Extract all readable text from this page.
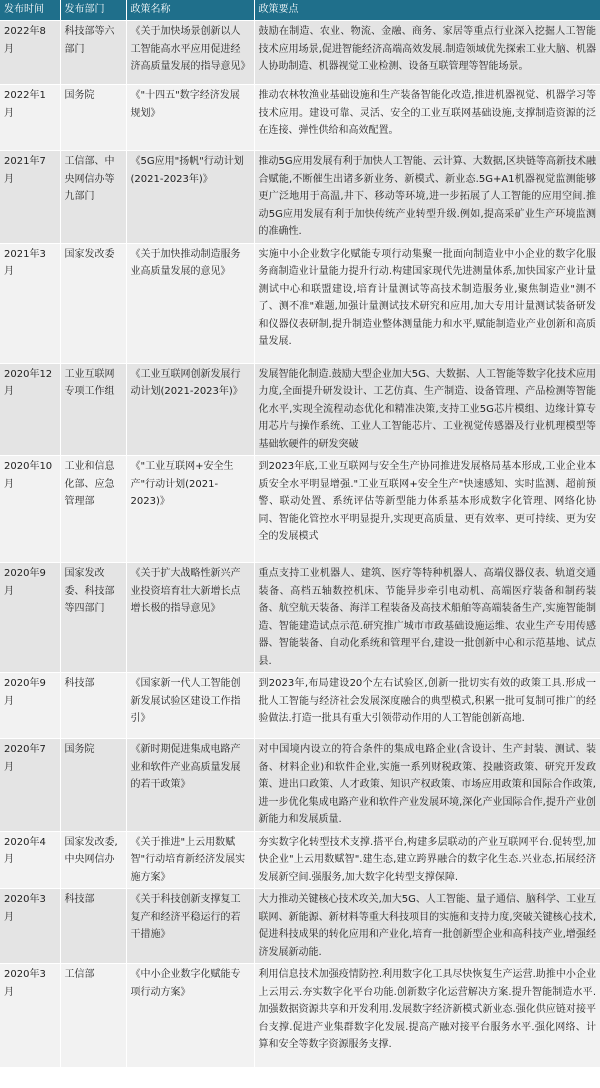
发布时间	发布部门	政策名称	政策要点
2022年8月	科技部等六部门	《关于加快场景创新以人工智能高水平应用促进经济高质量发展的指导意见》	鼓励在制造、农业、物流、金融、商务、家居等重点行业深入挖掘人工智能技术应用场景,促进智能经济高端高效发展.制造领域优先探索工业大脑、机器人协助制造、机器视觉工业检测、设备互联管理等智能场景。
2022年1月	国务院	《"十四五"数字经济发展规划》	推动农林牧渔业基础设施和生产装备智能化改造,推进机器视觉、机器学习等技术应用。建设可靠、灵活、安全的工业互联网基础设施,支撑制造资源的泛在连接、弹性供给和高效配置。
2021年7月	工信部、中央网信办等九部门	《5G应用"扬帆"行动计划(2021-2023年)》	推动5G应用发展有利于加快人工智能、云计算、大数据,区块链等高新技术融合赋能,不断催生出诸多新业务、新模式、新业态.5G+A1机器视觉监测能够更广泛地用于高温,井下、移动等环境,进一步拓展了人工智能的应用空间.推动5G应用发展有利于加快传统产业转型升级.例如,提高采矿业生产环境监测的准确性.
2021年3月	国家发改委	《关于加快推动制造服务业高质量发展的意见》	实施中小企业数字化赋能专项行动集聚一批面向制造业中小企业的数字化服务商制造业计量能力提升行动.构建国家现代先进测量体系,加快国家产业计量测试中心和联盟建设,培育计量测试等高技术制造服务业,聚焦制造业"测不了、测不准"难题,加强计量测试技术研究和应用,加大专用计量测试装备研发和仪器仪表研制,提升制造业整体测量能力和水平,赋能制造业产业创新和高质量发展.
2020年12月	工业互联网专项工作组	《工业互联网创新发展行动计划(2021-2023年)》	发展智能化制造.鼓励大型企业加大5G、大数据、人工智能等数字化技术应用力度,全面提升研发设计、工艺仿真、生产制造、设备管理、产品检测等智能化水平,实现全流程动态优化和精准决策,支持工业5G芯片模组、边缘计算专用芯片与操作系统、工业人工智能芯片、工业视觉传感器及行业机理模型等基础软硬件的研发突破
2020年10月	工业和信息化部、应急管理部	《"工业互联网+安全生产"行动计划(2021-2023)》	到2023年底,工业互联网与安全生产协同推进发展格局基本形成,工业企业本质安全水平明显增强."工业互联网+安全生产"快速感知、实时监测、超前预警、联动处置、系统评估等新型能力体系基本形成数字化管理、网络化协同、智能化管控水平明显提升,实现更高质量、更有效率、更可持续、更为安全的发展模式
2020年9月	国家发改委、科技部等四部门	《关于扩大战略性新兴产业投资培育壮大新增长点增长极的指导意见》	重点支持工业机器人、建筑、医疗等特种机器人、高端仪器仪表、轨道交通装备、高档五轴数控机床、节能异步牵引电动机、高端医疗装备和制药装备、航空航天装备、海洋工程装备及高技术船舶等高端装备生产,实施智能制造、智能建造试点示范.研究推广城市市政基础设施运维、农业生产专用传感器、智能装备、自动化系统和管理平台,建设一批创新中心和示范基地、试点县.
2020年9月	科技部	《国家新一代人工智能创新发展试验区建设工作指引》	到2023年,布局建设20个左右试验区,创新一批切实有效的政策工具.形成一批人工智能与经济社会发展深度融合的典型模式,积累一批可复制可推广的经验做法.打造一批具有重大引领带动作用的人工智能创新高地.
2020年7月	国务院	《新时期促进集成电路产业和软件产业高质量发展的若干政策》	对中国境内设立的符合条件的集成电路企业(含设计、生产封装、测试、装备、材料企业)和软件企业,实施一系列财税政策、投融资政策、研究开发政策、进出口政策、人才政策、知识产权政策、市场应用政策和国际合作政策,进一步优化集成电路产业和软件产业发展环境,深化产业国际合作,提升产业创新能力和发展质量.
2020年4月	国家发改委,中央网信办	《关于推进"上云用数赋智"行动培育新经济发展实施方案》	夯实数字化转型技术支撑.搭平台,构建多层联动的产业互联网平台.促转型,加快企业"上云用数赋智".建生态,建立跨界融合的数字化生态.兴业态,拓展经济发展新空间.强服务,加大数字化转型支撑保障.
2020年3月	科技部	《关于科技创新支撑复工复产和经济平稳运行的若干措施》	大力推动关键核心技术攻关,加大5G、人工智能、量子通信、脑科学、工业互联网、新能源、新材料等重大科技项目的实施和支持力度,突破关键核心技术,促进科技成果的转化应用和产业化,培育一批创新型企业和高科技产业,增强经济发展新动能.
2020年3月	工信部	《中小企业数字化赋能专项行动方案》	利用信息技术加强疫情防控.利用数字化工具尽快恢复生产运营.助推中小企业上云用云.夯实数字化平台功能.创新数字化运营解决方案.提升智能制造水平.加强数据资源共享和开发利用.发展数字经济新模式新业态.强化供应链对接平台支撑.促进产业集群数字化发展.提高产融对接平台服务水平.强化网络、计算和安全等数字资源服务支撑.
